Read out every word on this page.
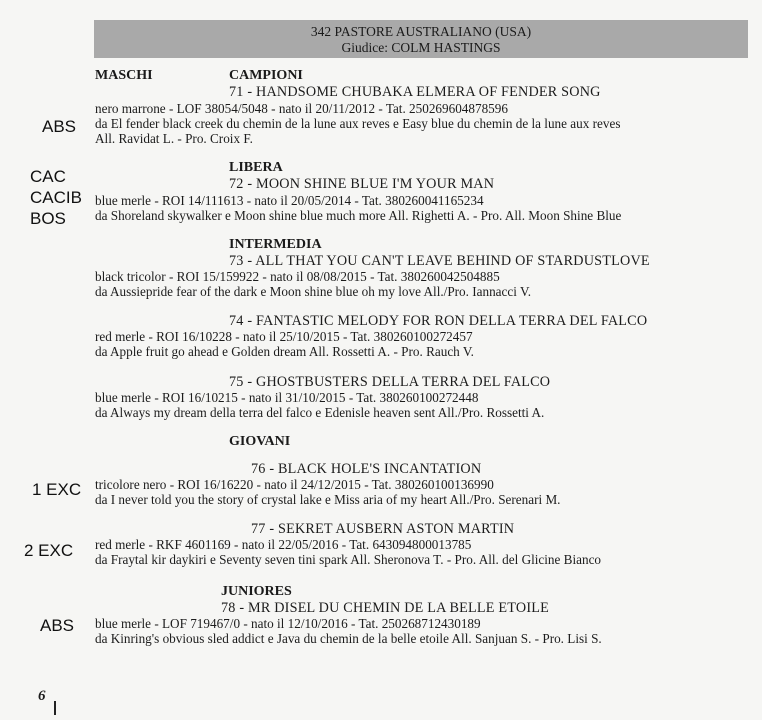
342 PASTORE AUSTRALIANO (USA)
Giudice: COLM HASTINGS
MASCHI	CAMPIONI
71 - HANDSOME CHUBAKA ELMERA OF FENDER SONG
nero marrone - LOF 38054/5048 - nato il 20/11/2012 - Tat. 250269604878596
da El fender black creek du chemin de la lune aux reves e Easy blue du chemin de la lune aux reves
All. Ravidat L. - Pro. Croix F.
ABS
LIBERA
72 - MOON SHINE BLUE I'M YOUR MAN
blue merle - ROI 14/111613 - nato il 20/05/2014 - Tat. 380260041165234
da Shoreland skywalker e Moon shine blue much more All. Righetti A. - Pro. All. Moon Shine Blue
CAC
CACIB
BOS
INTERMEDIA
73 - ALL THAT YOU CAN'T LEAVE BEHIND OF STARDUSTLOVE
black tricolor - ROI 15/159922 - nato il 08/08/2015 - Tat. 380260042504885
da Aussiepride fear of the dark e Moon shine blue oh my love All./Pro. Iannacci V.
74 - FANTASTIC MELODY FOR RON DELLA TERRA DEL FALCO
red merle - ROI 16/10228 - nato il 25/10/2015 - Tat. 380260100272457
da Apple fruit go ahead e Golden dream All. Rossetti A. - Pro. Rauch V.
75 - GHOSTBUSTERS DELLA TERRA DEL FALCO
blue merle - ROI 16/10215 - nato il 31/10/2015 - Tat. 380260100272448
da Always my dream della terra del falco e Edenisle heaven sent All./Pro. Rossetti A.
GIOVANI
76 - BLACK HOLE'S INCANTATION
tricolore nero - ROI 16/16220 - nato il 24/12/2015 - Tat. 380260100136990
da I never told you the story of crystal lake e Miss aria of my heart All./Pro. Serenari M.
1 EXC
77 - SEKRET AUSBERN ASTON MARTIN
red merle - RKF 4601169 - nato il 22/05/2016 - Tat. 643094800013785
da Fraytal kir daykiri e Seventy seven tini spark All. Sheronova T. - Pro. All. del Glicine Bianco
2 EXC
JUNIORES
78 - MR DISEL DU CHEMIN DE LA BELLE ETOILE
blue merle - LOF 719467/0 - nato il 12/10/2016 - Tat. 250268712430189
da Kinring's obvious sled addict e Java du chemin de la belle etoile All. Sanjuan S. - Pro. Lisi S.
ABS
6
